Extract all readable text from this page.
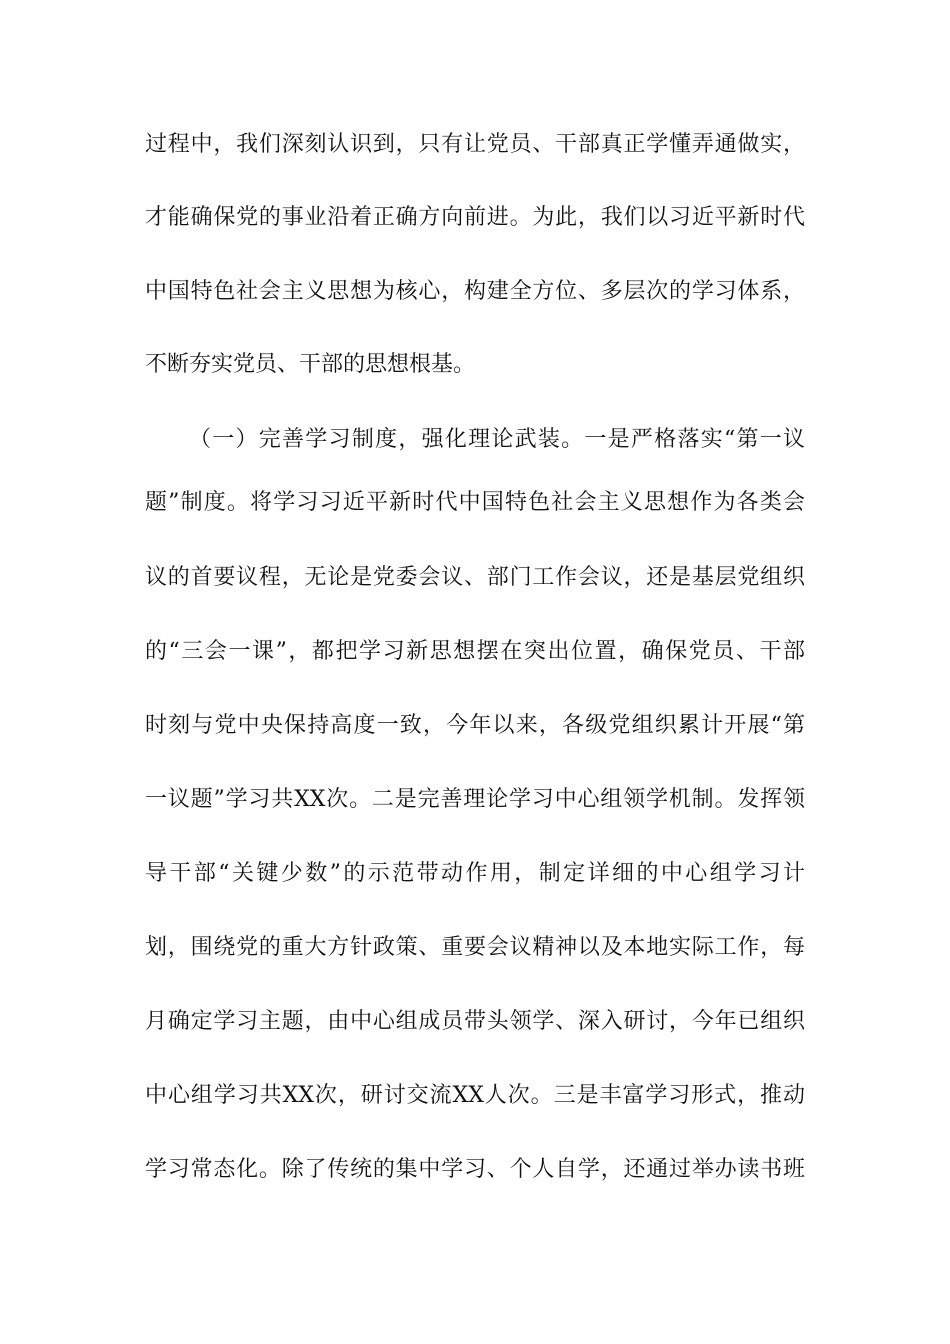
过程中，我们深刻认识到，只有让党员、干部真正学懂弄通做实，
才能确保党的事业沿着正确方向前进。为此，我们以习近平新时代
中国特色社会主义思想为核心，构建全方位、多层次的学习体系，
不断夯实党员、干部的思想根基。
（一）完善学习制度，强化理论武装。一是严格落实“第一议
题”制度。将学习习近平新时代中国特色社会主义思想作为各类会
议的首要议程，无论是党委会议、部门工作会议，还是基层党组织
的“三会一课”，都把学习新思想摆在突出位置，确保党员、干部
时刻与党中央保持高度一致，今年以来，各级党组织累计开展“第
一议题”学习共XX次。二是完善理论学习中心组领学机制。发挥领
导干部“关键少数”的示范带动作用，制定详细的中心组学习计
划，围绕党的重大方针政策、重要会议精神以及本地实际工作，每
月确定学习主题，由中心组成员带头领学、深入研讨，今年已组织
中心组学习共XX次，研讨交流XX人次。三是丰富学习形式，推动
学习常态化。除了传统的集中学习、个人自学，还通过举办读书班
